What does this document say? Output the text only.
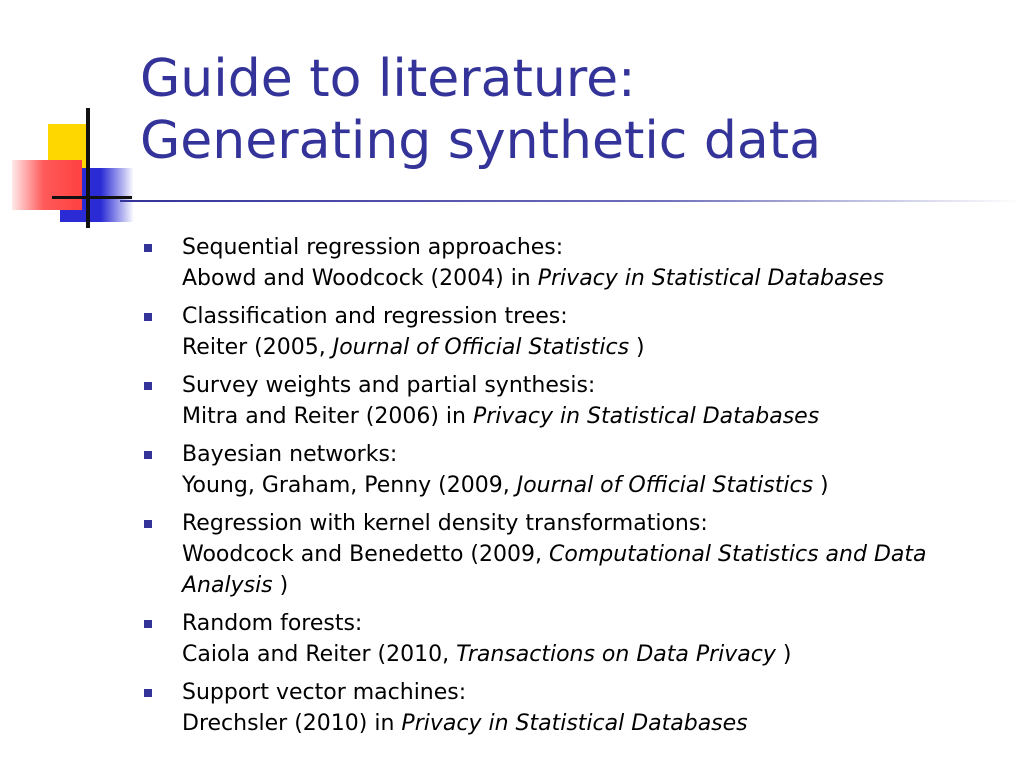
Guide to literature:
Generating synthetic data
Sequential regression approaches:
Abowd and Woodcock (2004) in Privacy in Statistical Databases
Classification and regression trees:
Reiter (2005, Journal of Official Statistics )
Survey weights and partial synthesis:
Mitra and Reiter (2006) in Privacy in Statistical Databases
Bayesian networks:
Young, Graham, Penny (2009, Journal of Official Statistics )
Regression with kernel density transformations:
Woodcock and Benedetto (2009, Computational Statistics and Data Analysis )
Random forests:
Caiola and Reiter (2010, Transactions on Data Privacy )
Support vector machines:
Drechsler (2010) in Privacy in Statistical Databases
